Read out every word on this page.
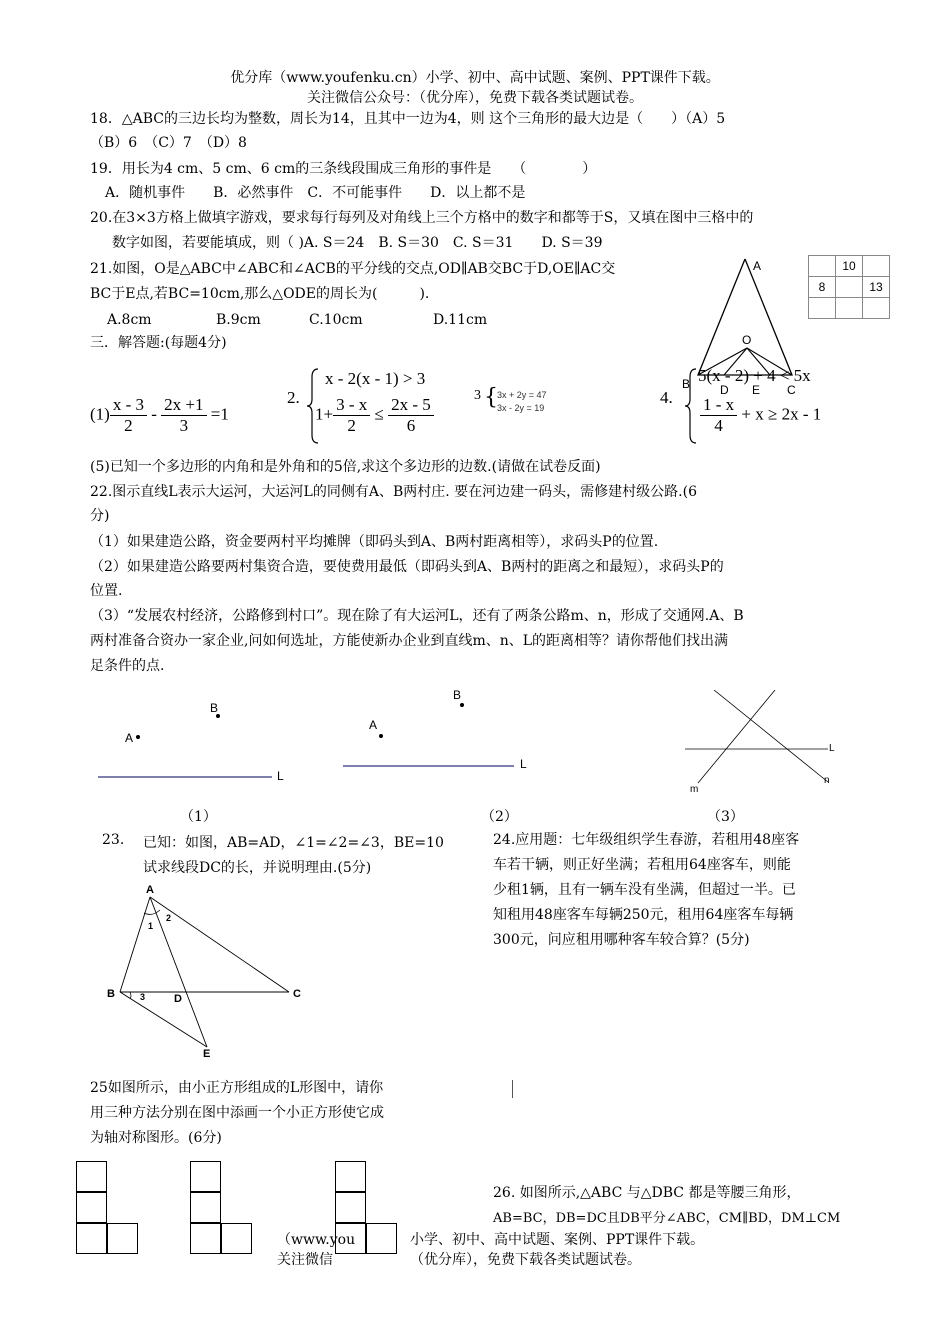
优分库（www.youfenku.cn）小学、初中、高中试题、案例、PPT课件下载。
关注微信公众号：（优分库），免费下载各类试题试卷。
18．△ABC的三边长均为整数，周长为14，且其中一边为4，则 这个三角形的最大边是（　　）（A）5
（B）6　（C）7　（D）8
19．用长为4 cm、5 cm、6 cm的三条线段围成三角形的事件是　　（　　　　）
A．随机事件　　B．必然事件　C．不可能事件　　D．以上都不是
20.在3×3方格上做填字游戏，要求每行每列及对角线上三个方格中的数字和都等于S，又填在图中三格中的
数字如图，若要能填成，则（ )A. S＝24　B. S＝30　C. S＝31　　D. S＝39
21.如图，O是△ABC中∠ABC和∠ACB的平分线的交点,OD∥AB交BC于D,OE∥AC交
BC于E点,若BC=10cm,那么△ODE的周长为(　　　).
A.8cm	B.9cm	C.10cm	D.11cm
A
O
B D E C
	10	
8		13

三．解答题:(每题4分)
$(1) \frac{x - 3}{2} - \frac{2x +1}{3} =1$
2.
x - 2(x - 1) > 3
$1+ \frac{3 - x}{2} \le \frac{2x - 5}{6}$	3 { 3x + 2y = 47
3x - 2y = 19
4.
5(x - 2) + 4 < 5x
$\frac{1 - x}{4} + x \ge 2x - 1$
(5)已知一个多边形的内角和是外角和的5倍,求这个多边形的边数.(请做在试卷反面)
22.图示直线L表示大运河，大运河L的同侧有A、B两村庄. 要在河边建一码头，需修建村级公路.(6
分)
（1）如果建造公路，资金要两村平均摊牌（即码头到A、B两村距离相等），求码头P的位置.
（2）如果建造公路要两村集资合造，要使费用最低（即码头到A、B两村的距离之和最短），求码头P的
位置.
（3）“发展农村经济，公路修到村口”。现在除了有大运河L，还有了两条公路m、n，形成了交通网.A、B
两村准备合资办一家企业,问如何选址，方能使新办企业到直线m、n、L的距离相等？请你帮他们找出满
足条件的点.
A
B
L
A
B
L
L
m
n
（1）	（2）	（3）
23. 已知：如图，AB=AD，∠1=∠2=∠3，BE=10
试求线段DC的长，并说明理由.(5分)
A
1
2
B	3	D	C
E
24.应用题：七年级组织学生春游，若租用48座客
车若干辆，则正好坐满；若租用64座客车，则能
少租1辆，且有一辆车没有坐满，但超过一半。已
知租用48座客车每辆250元，租用64座客车每辆
300元，问应租用哪种客车较合算？(5分)
25如图所示，由小正方形组成的L形图中，请你
用三种方法分别在图中添画一个小正方形使它成
为轴对称图形。(6分)
26. 如图所示,△ABC 与△DBC 都是等腰三角形，
AB=BC，DB=DC且DB平分∠ABC，CM∥BD，DM⊥CM
（www.you	小学、初中、高中试题、案例、PPT课件下载。
关注微信	（优分库），免费下载各类试题试卷。
